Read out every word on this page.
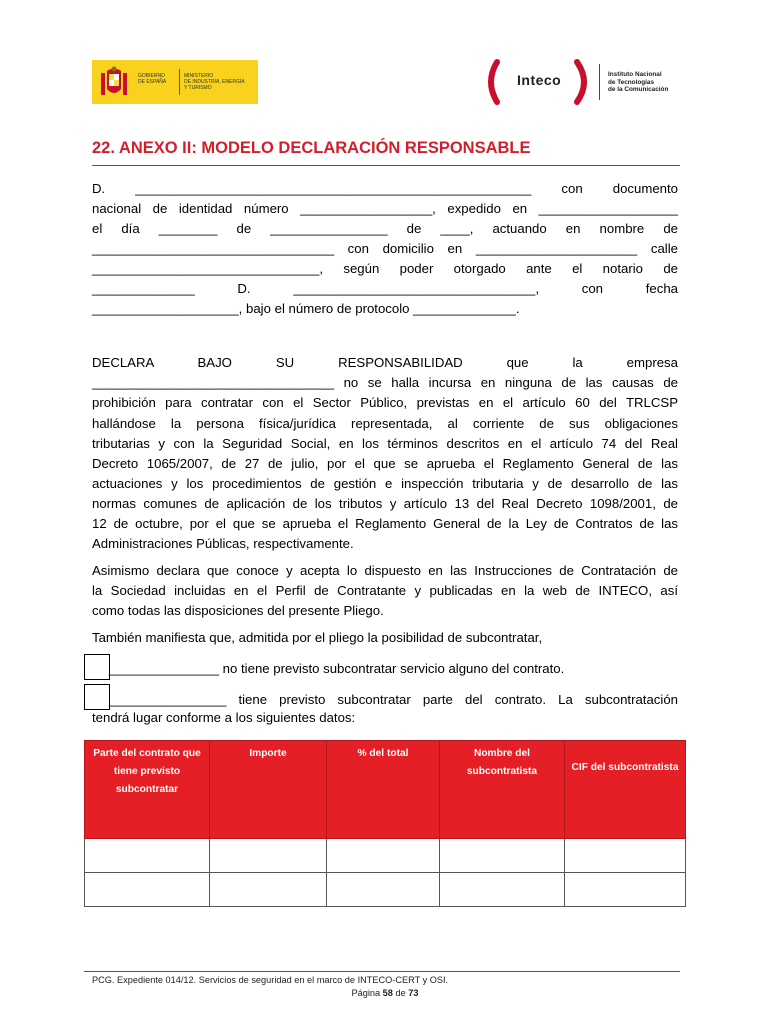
GOBIERNO
DE ESPAÑA
MINISTERIO
DE INDUSTRIA, ENERGÍA
Y TURISMO	Inteco	Instituto Nacional
de Tecnologías
de la Comunicación
22. ANEXO II: MODELO DECLARACIÓN RESPONSABLE
D. ______________________________________________________ con documento
nacional de identidad número __________________, expedido en ___________________
el día ________ de ________________ de ____, actuando en nombre de
_________________________________ con domicilio en ______________________ calle
_______________________________, según poder otorgado ante el notario de
______________ D. _________________________________, con fecha
____________________, bajo el número de protocolo ______________.
DECLARA BAJO SU RESPONSABILIDAD que la empresa
_________________________________ no se halla incursa en ninguna de las causas de
prohibición para contratar con el Sector Público, previstas en el artículo 60 del TRLCSP
hallándose la persona física/jurídica representada, al corriente de sus obligaciones
tributarias y con la Seguridad Social, en los términos descritos en el artículo 74 del Real
Decreto 1065/2007, de 27 de julio, por el que se aprueba el Reglamento General de las
actuaciones y los procedimientos de gestión e inspección tributaria y de desarrollo de las
normas comunes de aplicación de los tributos y artículo 13 del Real Decreto 1098/2001, de
12 de octubre, por el que se aprueba el Reglamento General de la Ley de Contratos de las
Administraciones Públicas, respectivamente.
Asimismo declara que conoce y acepta lo dispuesto en las Instrucciones de Contratación de
la Sociedad incluidas en el Perfil de Contratante y publicadas en la web de INTECO, así
como todas las disposiciones del presente Pliego.
También manifiesta que, admitida por el pliego la posibilidad de subcontratar,
_______________ no tiene previsto subcontratar servicio alguno del contrato.
________________ tiene previsto subcontratar parte del contrato. La subcontratación
tendrá lugar conforme a los siguientes datos:
Parte del contrato que tiene previsto subcontratar	Importe	% del total	Nombre del subcontratista	CIF del subcontratista

PCG. Expediente 014/12. Servicios de seguridad en el marco de INTECO-CERT y OSI.
Página 58 de 73
